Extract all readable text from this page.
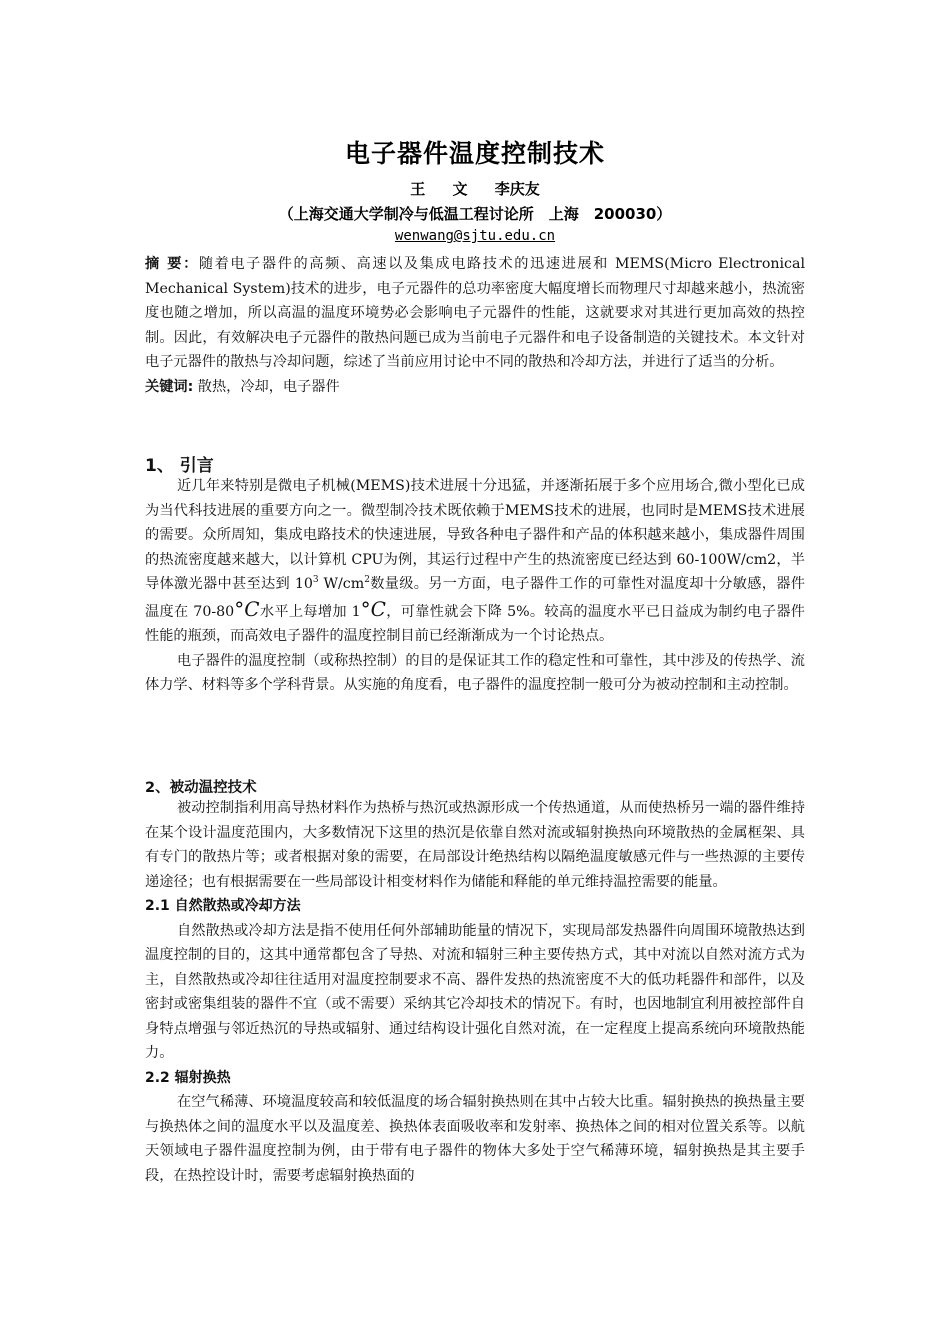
电子器件温度控制技术
王 文 李庆友
（上海交通大学制冷与低温工程讨论所　上海　200030）
wenwang@sjtu.edu.cn

摘 要：随着电子器件的高频、高速以及集成电路技术的迅速进展和 MEMS(Micro Electronical Mechanical System)技术的进步，电子元器件的总功率密度大幅度增长而物理尺寸却越来越小，热流密度也随之增加，所以高温的温度环境势必会影响电子元器件的性能，这就要求对其进行更加高效的热控制。因此，有效解决电子元器件的散热问题已成为当前电子元器件和电子设备制造的关键技术。本文针对电子元器件的散热与冷却问题，综述了当前应用讨论中不同的散热和冷却方法，并进行了适当的分析。

关键词: 散热，冷却，电子器件

1、 引言

近几年来特别是微电子机械(MEMS)技术进展十分迅猛，并逐渐拓展于多个应用场合,微小型化已成为当代科技进展的重要方向之一。微型制冷技术既依赖于MEMS技术的进展，也同时是MEMS技术进展的需要。众所周知，集成电路技术的快速进展，导致各种电子器件和产品的体积越来越小，集成器件周围的热流密度越来越大，以计算机 CPU为例，其运行过程中产生的热流密度已经达到 60-100W/cm2，半导体激光器中甚至达到 $10^3$ $W/cm^2$数量级。另一方面，电子器件工作的可靠性对温度却十分敏感，器件温度在 70-80°C水平上每增加 1°C，可靠性就会下降 5%。较高的温度水平已日益成为制约电子器件性能的瓶颈，而高效电子器件的温度控制目前已经渐渐成为一个讨论热点。

电子器件的温度控制（或称热控制）的目的是保证其工作的稳定性和可靠性，其中涉及的传热学、流体力学、材料等多个学科背景。从实施的角度看，电子器件的温度控制一般可分为被动控制和主动控制。

2、被动温控技术

被动控制指利用高导热材料作为热桥与热沉或热源形成一个传热通道，从而使热桥另一端的器件维持在某个设计温度范围内，大多数情况下这里的热沉是依靠自然对流或辐射换热向环境散热的金属框架、具有专门的散热片等；或者根据对象的需要，在局部设计绝热结构以隔绝温度敏感元件与一些热源的主要传递途径；也有根据需要在一些局部设计相变材料作为储能和释能的单元维持温控需要的能量。

2.1 自然散热或冷却方法

自然散热或冷却方法是指不使用任何外部辅助能量的情况下，实现局部发热器件向周围环境散热达到温度控制的目的，这其中通常都包含了导热、对流和辐射三种主要传热方式，其中对流以自然对流方式为主，自然散热或冷却往往适用对温度控制要求不高、器件发热的热流密度不大的低功耗器件和部件，以及密封或密集组装的器件不宜（或不需要）采纳其它冷却技术的情况下。有时，也因地制宜利用被控部件自身特点增强与邻近热沉的导热或辐射、通过结构设计强化自然对流，在一定程度上提高系统向环境散热能力。

2.2 辐射换热

在空气稀薄、环境温度较高和较低温度的场合辐射换热则在其中占较大比重。辐射换热的换热量主要与换热体之间的温度水平以及温度差、换热体表面吸收率和发射率、换热体之间的相对位置关系等。以航天领域电子器件温度控制为例，由于带有电子器件的物体大多处于空气稀薄环境，辐射换热是其主要手段，在热控设计时，需要考虑辐射换热面的
